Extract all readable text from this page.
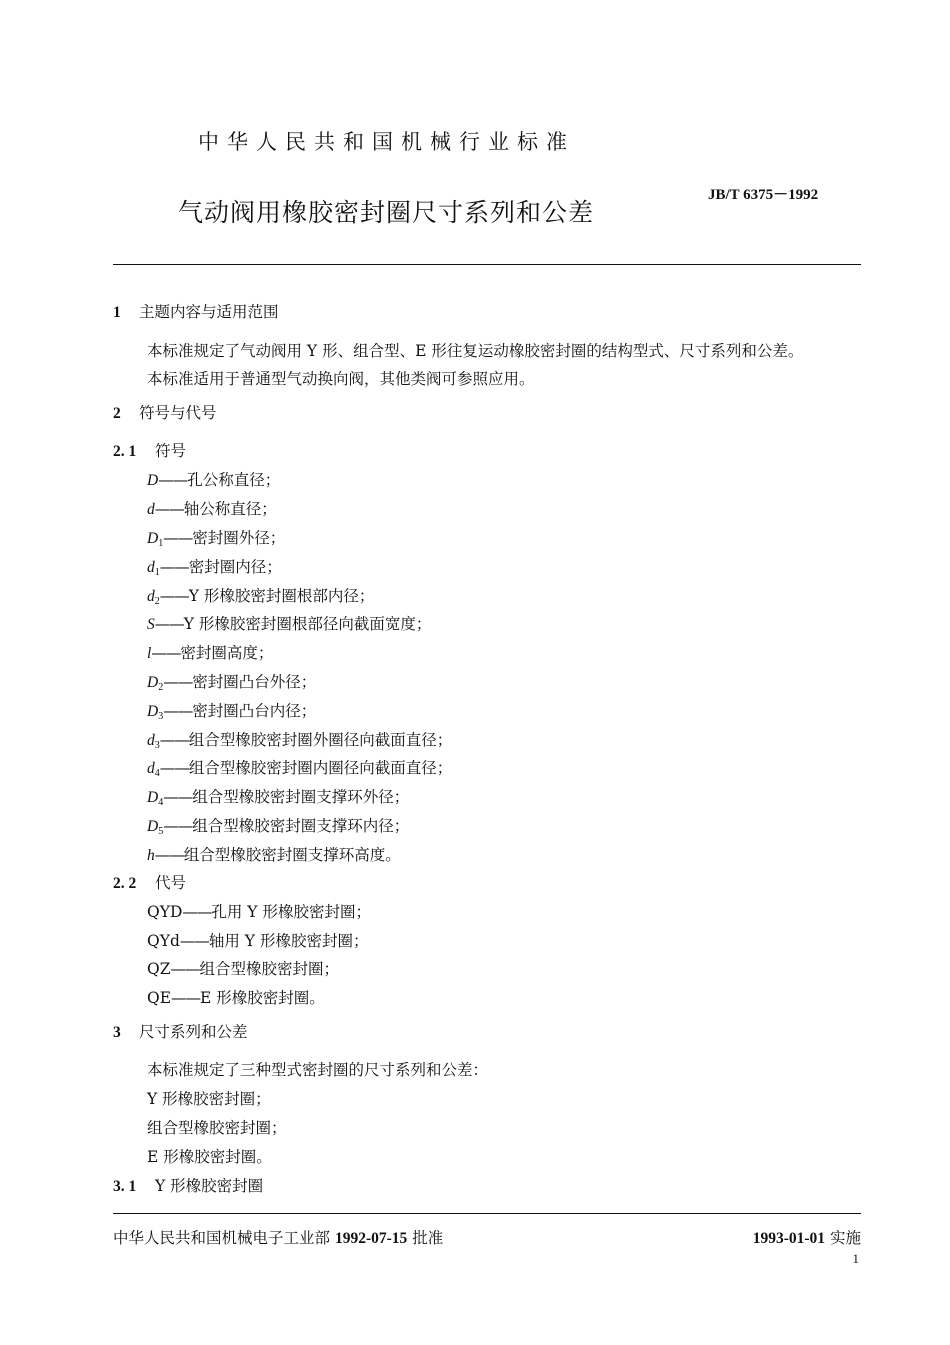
中华人民共和国机械行业标准
JB/T 6375－1992
气动阀用橡胶密封圈尺寸系列和公差
1 主题内容与适用范围
本标准规定了气动阀用 Y 形、组合型、E 形往复运动橡胶密封圈的结构型式、尺寸系列和公差。
本标准适用于普通型气动换向阀，其他类阀可参照应用。
2 符号与代号
2. 1 符号
D——孔公称直径；
d——轴公称直径；
$D_1——$密封圈外径；
$d_1——$密封圈内径；
$d_2——Y$ 形橡胶密封圈根部内径；
S——Y 形橡胶密封圈根部径向截面宽度；
l——密封圈高度；
$D_2——$密封圈凸台外径；
$D_3——$密封圈凸台内径；
$d_3——$组合型橡胶密封圈外圈径向截面直径；
$d_4——$组合型橡胶密封圈内圈径向截面直径；
$D_4——$组合型橡胶密封圈支撑环外径；
$D_5——$组合型橡胶密封圈支撑环内径；
h——组合型橡胶密封圈支撑环高度。
2. 2 代号
QYD——孔用 Y 形橡胶密封圈；
QYd——轴用 Y 形橡胶密封圈；
QZ——组合型橡胶密封圈；
QE——E 形橡胶密封圈。
3 尺寸系列和公差
本标准规定了三种型式密封圈的尺寸系列和公差：
Y 形橡胶密封圈；
组合型橡胶密封圈；
E 形橡胶密封圈。
3. 1 Y 形橡胶密封圈
中华人民共和国机械电子工业部 1992-07-15 批准	1993-01-01 实施
1
